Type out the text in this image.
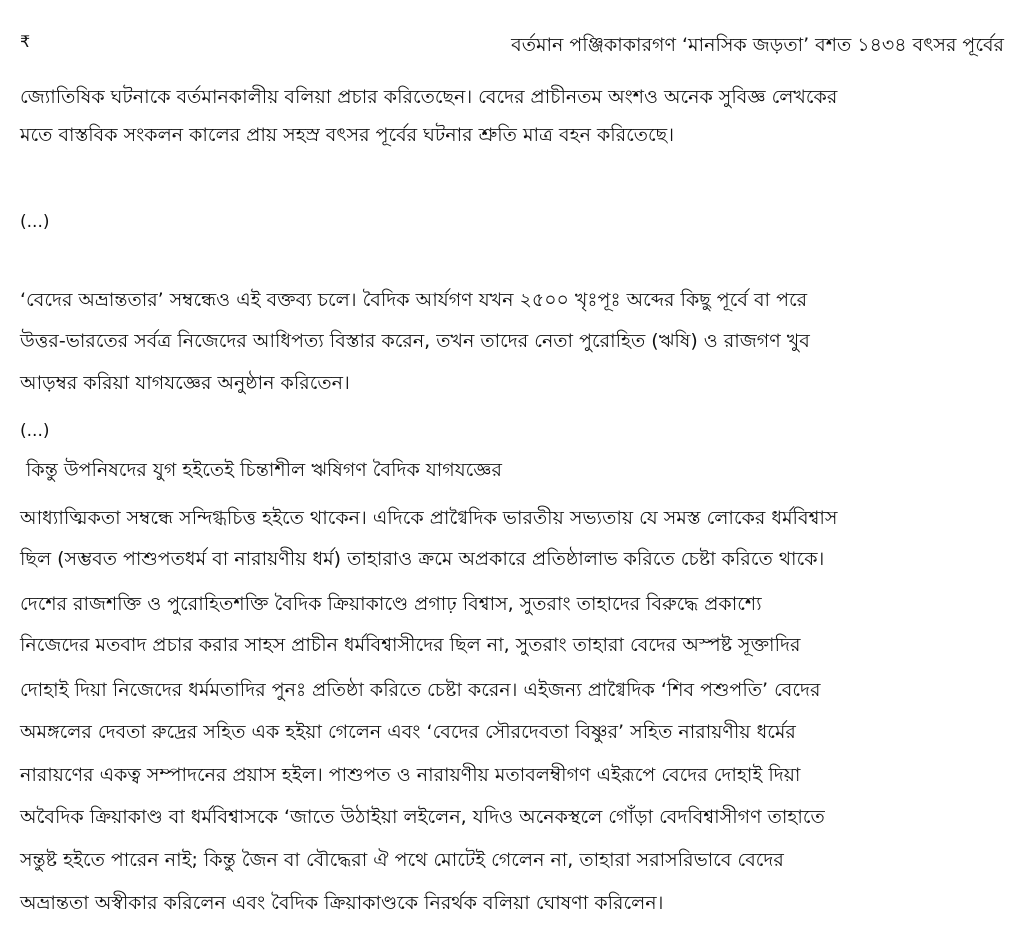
₹	বর্তমান পঞ্জিকাকারগণ ‘মানসিক জড়তা’ বশত ১৪৩৪ বৎসর পূর্বের
জ্যোতিষিক ঘটনাকে বর্তমানকালীয় বলিয়া প্রচার করিতেছেন। বেদের প্রাচীনতম অংশও অনেক সুবিজ্ঞ লেখকের
মতে বাস্তবিক সংকলন কালের প্রায় সহস্র বৎসর পূর্বের ঘটনার শ্রুতি মাত্র বহন করিতেছে।
(...)
‘বেদের অভ্রান্ততার’ সম্বন্ধেও এই বক্তব্য চলে। বৈদিক আর্যগণ যখন ২৫০০ খৃঃপূঃ অব্দের কিছু পূর্বে বা পরে
উত্তর-ভারতের সর্বত্র নিজেদের আধিপত্য বিস্তার করেন, তখন তাদের নেতা পুরোহিত (ঋষি) ও রাজগণ খুব
আড়ম্বর করিয়া যাগযজ্ঞের অনুষ্ঠান করিতেন।
(...)
কিন্তু উপনিষদের যুগ হইতেই চিন্তাশীল ঋষিগণ বৈদিক যাগযজ্ঞের
আধ্যাত্মিকতা সম্বন্ধে সন্দিগ্ধচিত্ত হইতে থাকেন। এদিকে প্রাগ্বৈদিক ভারতীয় সভ্যতায় যে সমস্ত লোকের ধর্মবিশ্বাস
ছিল (সম্ভবত পাশুপতধর্ম বা নারায়ণীয় ধর্ম) তাহারাও ক্রমে অপ্রকারে প্রতিষ্ঠালাভ করিতে চেষ্টা করিতে থাকে।
দেশের রাজশক্তি ও পুরোহিতশক্তি বৈদিক ক্রিয়াকাণ্ডে প্রগাঢ় বিশ্বাস, সুতরাং তাহাদের বিরুদ্ধে প্রকাশ্যে
নিজেদের মতবাদ প্রচার করার সাহস প্রাচীন ধর্মবিশ্বাসীদের ছিল না, সুতরাং তাহারা বেদের অস্পষ্ট সূক্তাদির
দোহাই দিয়া নিজেদের ধর্মমতাদির পুনঃ প্রতিষ্ঠা করিতে চেষ্টা করেন। এইজন্য প্রাগ্বৈদিক ‘শিব পশুপতি’ বেদের
অমঙ্গলের দেবতা রুদ্রের সহিত এক হইয়া গেলেন এবং ‘বেদের সৌরদেবতা বিষ্ণুর’ সহিত নারায়ণীয় ধর্মের
নারায়ণের একত্ব সম্পাদনের প্রয়াস হইল। পাশুপত ও নারায়ণীয় মতাবলম্বীগণ এইরূপে বেদের দোহাই দিয়া
অবৈদিক ক্রিয়াকাণ্ড বা ধর্মবিশ্বাসকে ‘জাতে উঠাইয়া লইলেন, যদিও অনেকস্থলে গোঁড়া বেদবিশ্বাসীগণ তাহাতে
সন্তুষ্ট হইতে পারেন নাই; কিন্তু জৈন বা বৌদ্ধেরা ঐ পথে মোটেই গেলেন না, তাহারা সরাসরিভাবে বেদের
অভ্রান্ততা অস্বীকার করিলেন এবং বৈদিক ক্রিয়াকাণ্ডকে নিরর্থক বলিয়া ঘোষণা করিলেন।
